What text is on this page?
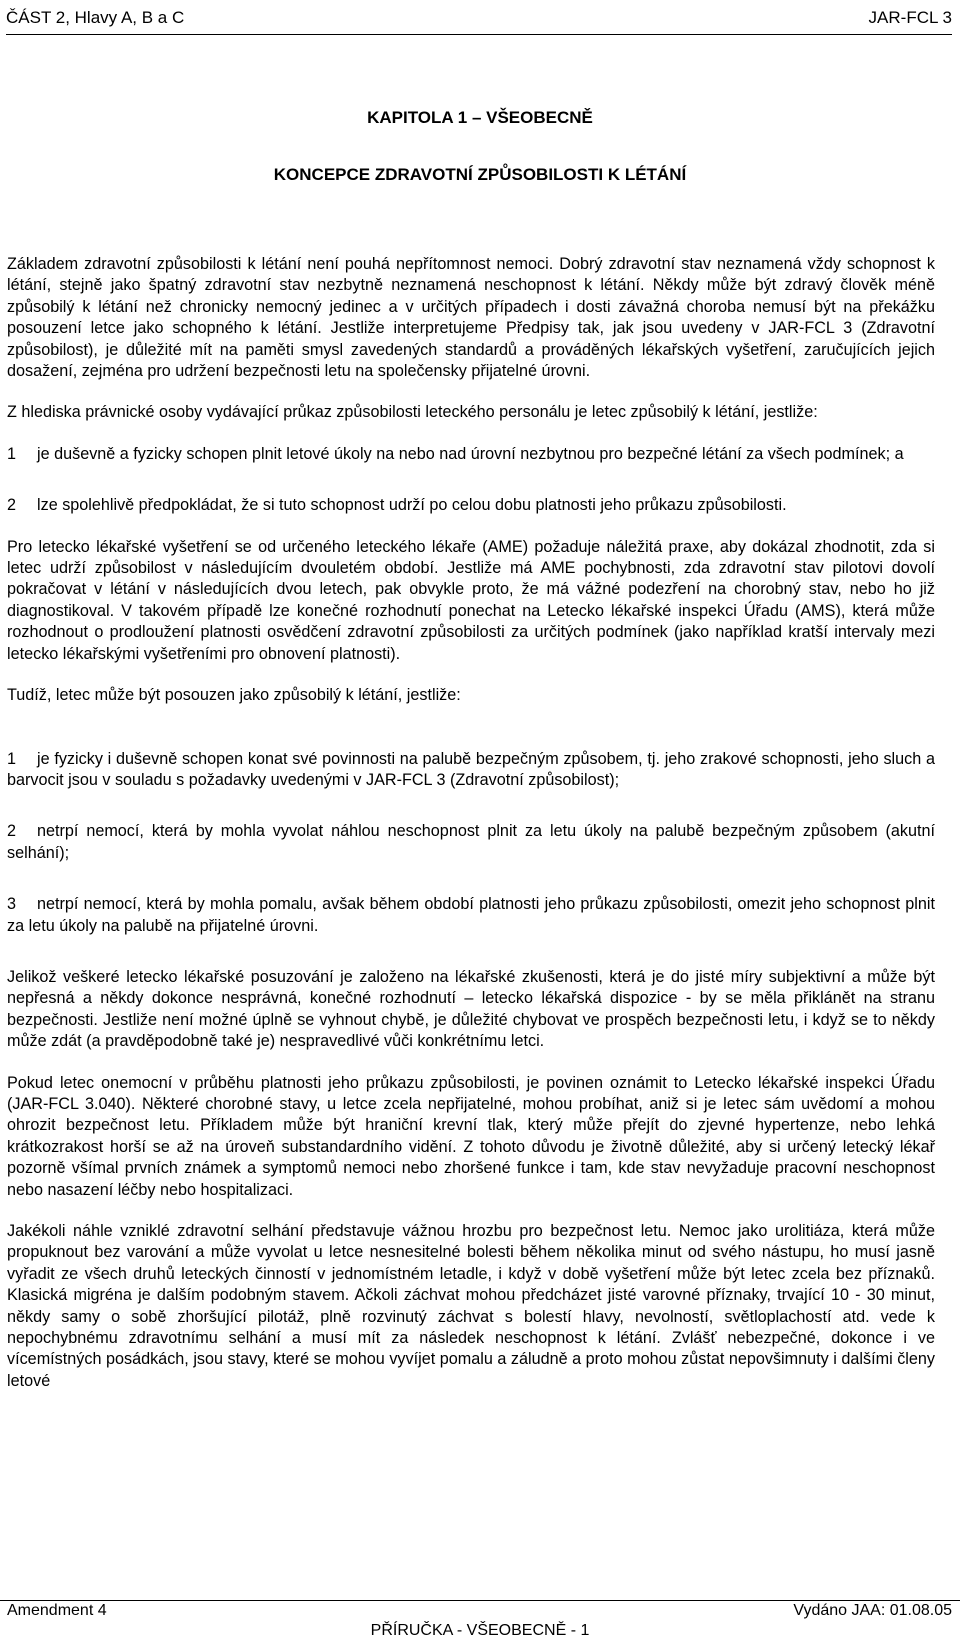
ČÁST 2, Hlavy A, B a C	JAR-FCL 3
KAPITOLA 1 – VŠEOBECNĚ
KONCEPCE ZDRAVOTNÍ ZPŮSOBILOSTI K LÉTÁNÍ

Základem zdravotní způsobilosti k létání není pouhá nepřítomnost nemoci. Dobrý zdravotní stav neznamená vždy schopnost k létání, stejně jako špatný zdravotní stav nezbytně neznamená neschopnost k létání. Někdy může být zdravý člověk méně způsobilý k létání než chronicky nemocný jedinec a v určitých případech i dosti závažná choroba nemusí být na překážku posouzení letce jako schopného k létání. Jestliže interpretujeme Předpisy tak, jak jsou uvedeny v JAR-FCL 3 (Zdravotní způsobilost), je důležité mít na paměti smysl zavedených standardů a prováděných lékařských vyšetření, zaručujících jejich dosažení, zejména pro udržení bezpečnosti letu na společensky přijatelné úrovni.

Z hlediska právnické osoby vydávající průkaz způsobilosti leteckého personálu je letec způsobilý k létání, jestliže:

1 je duševně a fyzicky schopen plnit letové úkoly na nebo nad úrovní nezbytnou pro bezpečné létání za všech podmínek; a
2 lze spolehlivě předpokládat, že si tuto schopnost udrží po celou dobu platnosti jeho průkazu způsobilosti.

Pro letecko lékařské vyšetření se od určeného leteckého lékaře (AME) požaduje náležitá praxe, aby dokázal zhodnotit, zda si letec udrží způsobilost v následujícím dvouletém období. Jestliže má AME pochybnosti, zda zdravotní stav pilotovi dovolí pokračovat v létání v následujících dvou letech, pak obvykle proto, že má vážné podezření na chorobný stav, nebo ho již diagnostikoval. V takovém případě lze konečné rozhodnutí ponechat na Letecko lékařské inspekci Úřadu (AMS), která může rozhodnout o prodloužení platnosti osvědčení zdravotní způsobilosti za určitých podmínek (jako například kratší intervaly mezi letecko lékařskými vyšetřeními pro obnovení platnosti).

Tudíž, letec může být posouzen jako způsobilý k létání, jestliže:

1 je fyzicky i duševně schopen konat své povinnosti na palubě bezpečným způsobem, tj. jeho zrakové schopnosti, jeho sluch a barvocit jsou v souladu s požadavky uvedenými v JAR-FCL 3 (Zdravotní způsobilost);
2 netrpí nemocí, která by mohla vyvolat náhlou neschopnost plnit za letu úkoly na palubě bezpečným způsobem (akutní selhání);
3 netrpí nemocí, která by mohla pomalu, avšak během období platnosti jeho průkazu způsobilosti, omezit jeho schopnost plnit za letu úkoly na palubě na přijatelné úrovni.

Jelikož veškeré letecko lékařské posuzování je založeno na lékařské zkušenosti, která je do jisté míry subjektivní a může být nepřesná a někdy dokonce nesprávná, konečné rozhodnutí – letecko lékařská dispozice - by se měla přiklánět na stranu bezpečnosti. Jestliže není možné úplně se vyhnout chybě, je důležité chybovat ve prospěch bezpečnosti letu, i když se to někdy může zdát (a pravděpodobně také je) nespravedlivé vůči konkrétnímu letci.

Pokud letec onemocní v průběhu platnosti jeho průkazu způsobilosti, je povinen oznámit to Letecko lékařské inspekci Úřadu (JAR-FCL 3.040). Některé chorobné stavy, u letce zcela nepřijatelné, mohou probíhat, aniž si je letec sám uvědomí a mohou ohrozit bezpečnost letu. Příkladem může být hraniční krevní tlak, který může přejít do zjevné hypertenze, nebo lehká krátkozrakost horší se až na úroveň substandardního vidění. Z tohoto důvodu je životně důležité, aby si určený letecký lékař pozorně všímal prvních známek a symptomů nemoci nebo zhoršené funkce i tam, kde stav nevyžaduje pracovní neschopnost nebo nasazení léčby nebo hospitalizaci.

Jakékoli náhle vzniklé zdravotní selhání představuje vážnou hrozbu pro bezpečnost letu. Nemoc jako urolitiáza, která může propuknout bez varování a může vyvolat u letce nesnesitelné bolesti během několika minut od svého nástupu, ho musí jasně vyřadit ze všech druhů leteckých činností v jednomístném letadle, i když v době vyšetření může být letec zcela bez příznaků. Klasická migréna je dalším podobným stavem. Ačkoli záchvat mohou předcházet jisté varovné příznaky, trvající 10 - 30 minut, někdy samy o sobě zhoršující pilotáž, plně rozvinutý záchvat s bolestí hlavy, nevolností, světloplachostí atd. vede k nepochybnému zdravotnímu selhání a musí mít za následek neschopnost k létání. Zvlášť nebezpečné, dokonce i ve vícemístných posádkách, jsou stavy, které se mohou vyvíjet pomalu a záludně a proto mohou zůstat nepovšimnuty i dalšími členy letové

Amendment 4	Vydáno JAA: 01.08.05
PŘÍRUČKA - VŠEOBECNĚ - 1
